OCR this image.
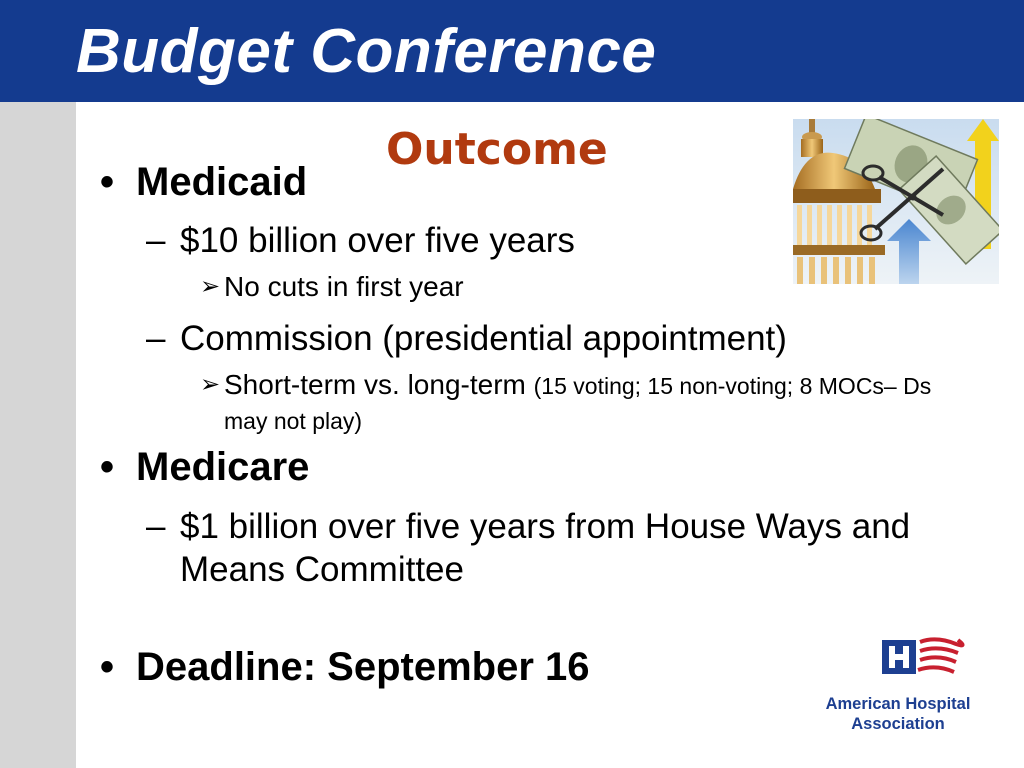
Budget Conference
Outcome
• Medicaid
– $10 billion over five years
➢ No cuts in first year
– Commission (presidential appointment)
➢ Short-term vs. long-term (15 voting; 15 non-voting; 8 MOCs– Ds may not play)
• Medicare
– $1 billion over five years from House Ways and Means Committee
• Deadline: September 16
American Hospital
Association
